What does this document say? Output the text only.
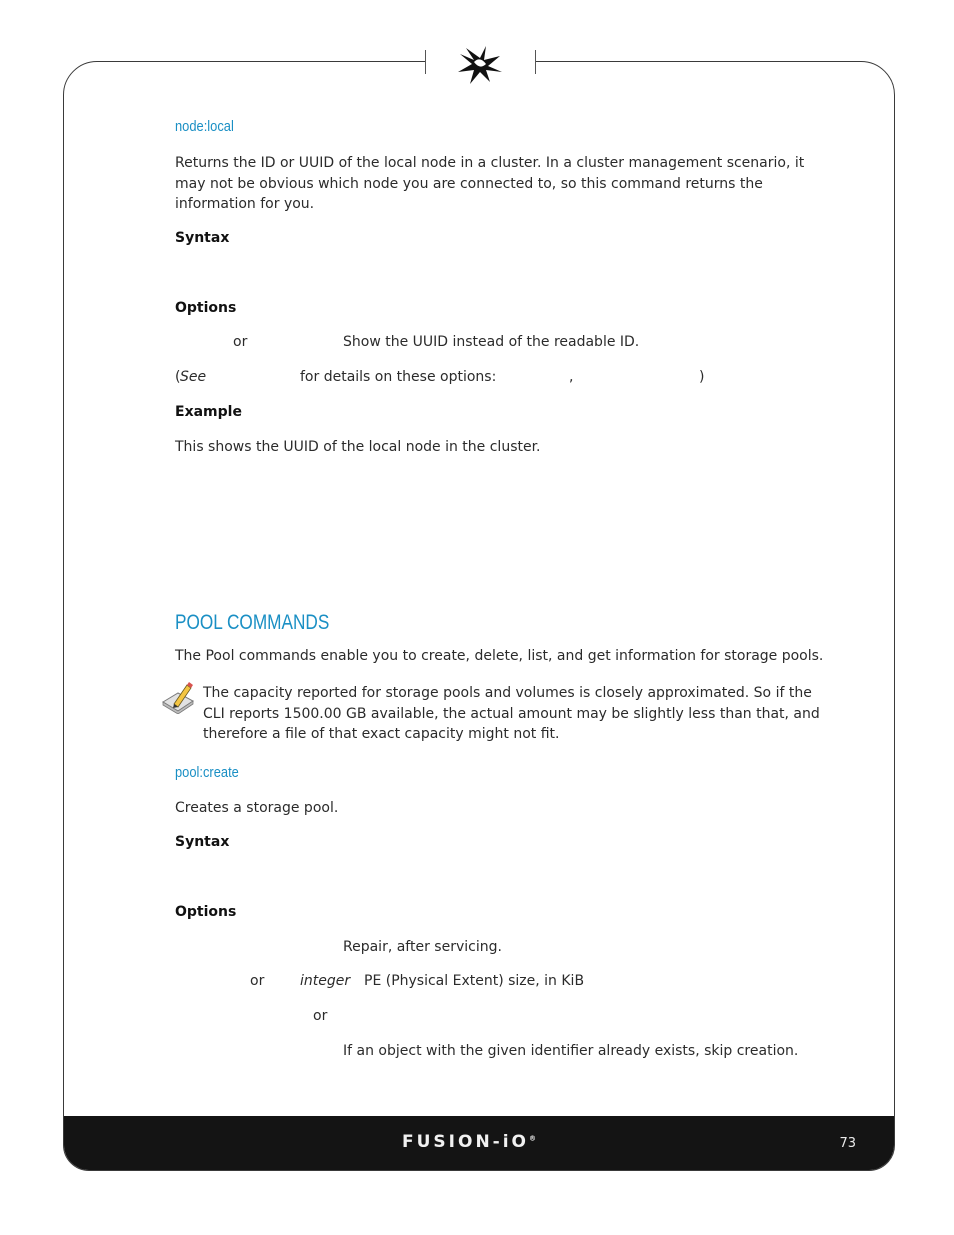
FUSION-iO®	73
node:local

Returns the ID or UUID of the local node in a cluster. In a cluster management scenario, it may not be obvious which node you are connected to, so this command returns the information for you.

Syntax
Options
or	Show the UUID instead of the readable ID.
( See	for details on these options:	,	)
Example
This shows the UUID of the local node in the cluster.
POOL COMMANDS
The Pool commands enable you to create, delete, list, and get information for storage pools.

The capacity reported for storage pools and volumes is closely approximated. So if the CLI reports 1500.00 GB available, the actual amount may be slightly less than that, and therefore a file of that exact capacity might not fit.

pool:create
Creates a storage pool.
Syntax
Options
Repair, after servicing.
or	integer PE (Physical Extent) size, in KiB
or
If an object with the given identifier already exists, skip creation.
